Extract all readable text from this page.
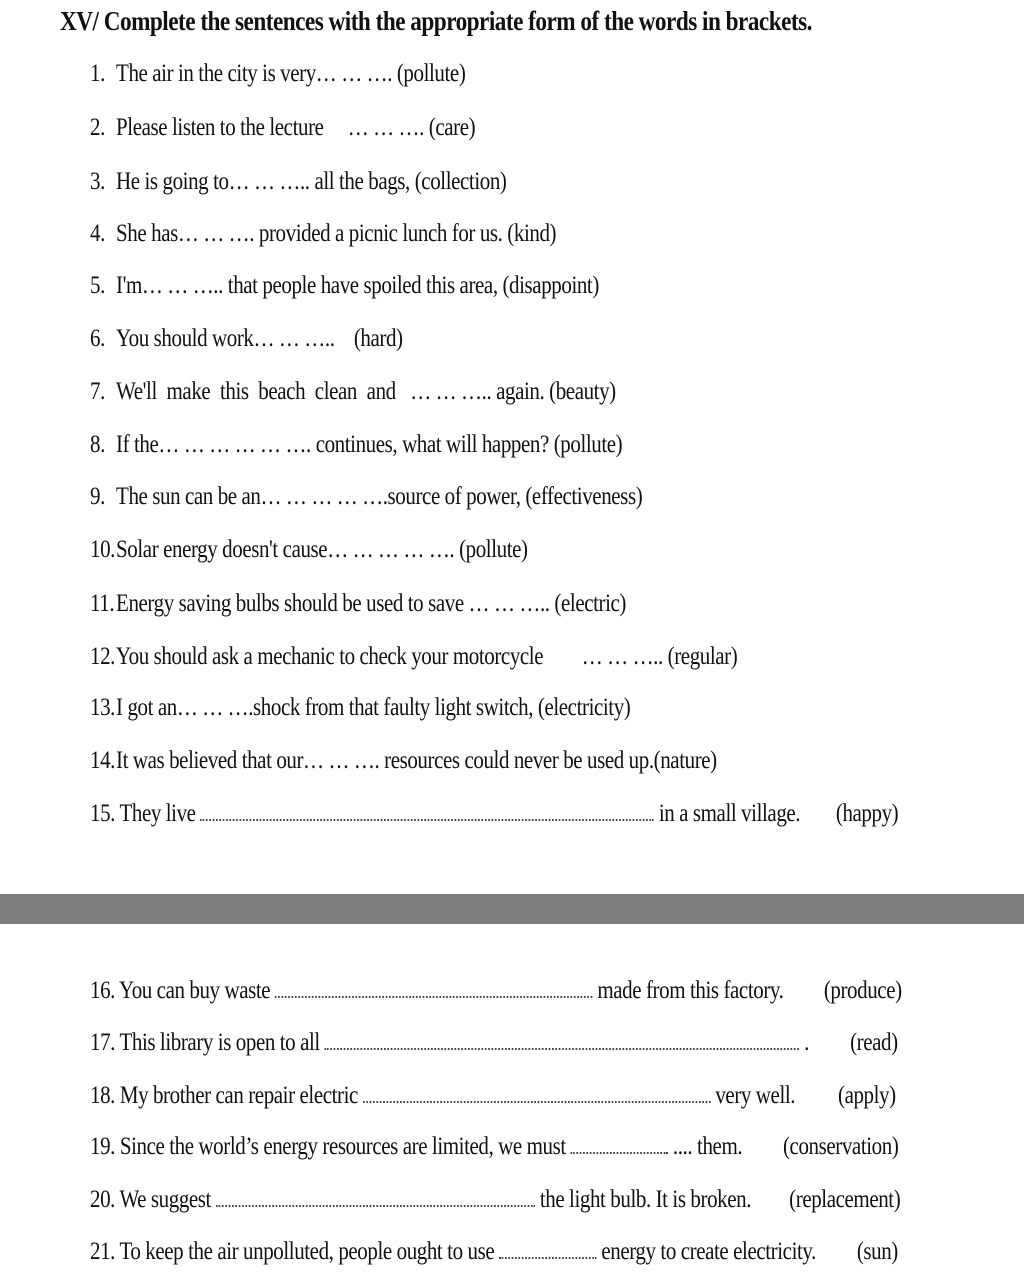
XV/ Complete the sentences with the appropriate form of the words in brackets.
1. The air in the city is very… … …. (pollute)
2. Please listen to the lecture     … … …. (care)
3. He is going to… … ….. all the bags, (collection)
4. She has… … …. provided a picnic lunch for us. (kind)
5. I'm… … ….. that people have spoiled this area, (disappoint)
6. You should work… … …..    (hard)
7. We'll  make  this  beach  clean  and   … … ….. again. (beauty)
8. If the… … … … … …. continues, what will happen? (pollute)
9. The sun can be an… … … … ….source of power, (effectiveness)
10.Solar energy doesn't cause… … … … …. (pollute)
11.Energy saving bulbs should be used to save … … ….. (electric)
12.You should ask a mechanic to check your motorcycle        … … ….. (regular)
13.I got an… … ….shock from that faulty light switch, (electricity)
14.It was believed that our… … …. resources could never be used up.(nature)
15. They live	in a small village. (happy)
16. You can buy waste	made from this factory. (produce)
17. This library is open to all	. (read)
18. My brother can repair electric	very well. (apply)
19. Since the world’s energy resources are limited, we must	.... them. (conservation)
20. We suggest	the light bulb. It is broken. (replacement)
21. To keep the air unpolluted, people ought to use	energy to create electricity. (sun)
